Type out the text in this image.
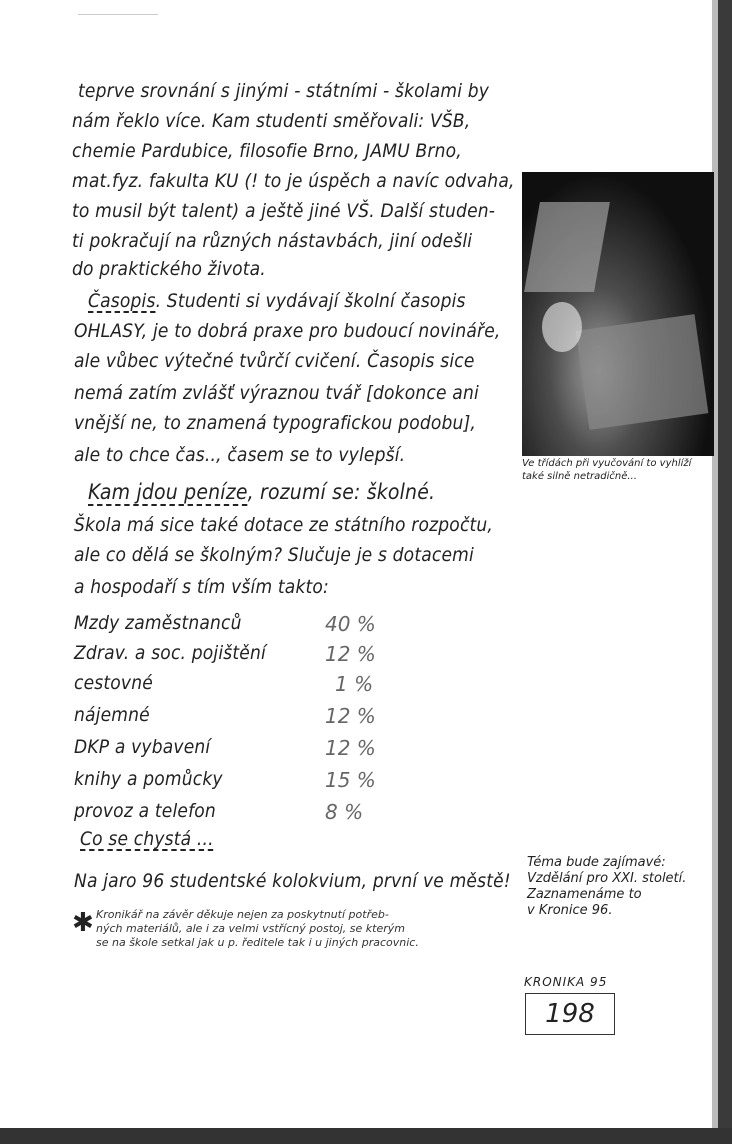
teprve srovnání s jinými - státními - školami by
nám řeklo více. Kam studenti směřovali: VŠB,
chemie Pardubice, filosofie Brno, JAMU Brno,
mat.fyz. fakulta KU (! to je úspěch a navíc odvaha,
to musil být talent) a ještě jiné VŠ. Další studen-
ti pokračují na různých nástavbách, jiní odešli
do praktického života.
Časopis. Studenti si vydávají školní časopis
OHLASY, je to dobrá praxe pro budoucí novináře,
ale vůbec výtečné tvůrčí cvičení. Časopis sice
nemá zatím zvlášť výraznou tvář [dokonce ani
vnější ne, to znamená typografickou podobu],
ale to chce čas.., časem se to vylepší.
Kam jdou peníze, rozumí se: školné.
Škola má sice také dotace ze státního rozpočtu,
ale co dělá se školným? Slučuje je s dotacemi
a hospodaří s tím vším takto:
Mzdy zaměstnanců	40 %
Zdrav. a soc. pojištění	12 %
cestovné	1 %
nájemné	12 %
DKP a vybavení	12 %
knihy a pomůcky	15 %
provoz a telefon	8 %
Co se chystá ...
Na jaro 96 studentské kolokvium, první ve městě!
✱ Kronikář na závěr děkuje nejen za poskytnutí potřeb-
ných materiálů, ale i za velmi vstřícný postoj, se kterým
se na škole setkal jak u p. ředitele tak i u jiných pracovnic.
Ve třídách při vyučování to vyhlíží
také silně netradičně...
Téma bude zajímavé:
Vzdělání pro XXI. století.
Zaznamenáme to
v Kronice 96.
KRONIKA 95
198
